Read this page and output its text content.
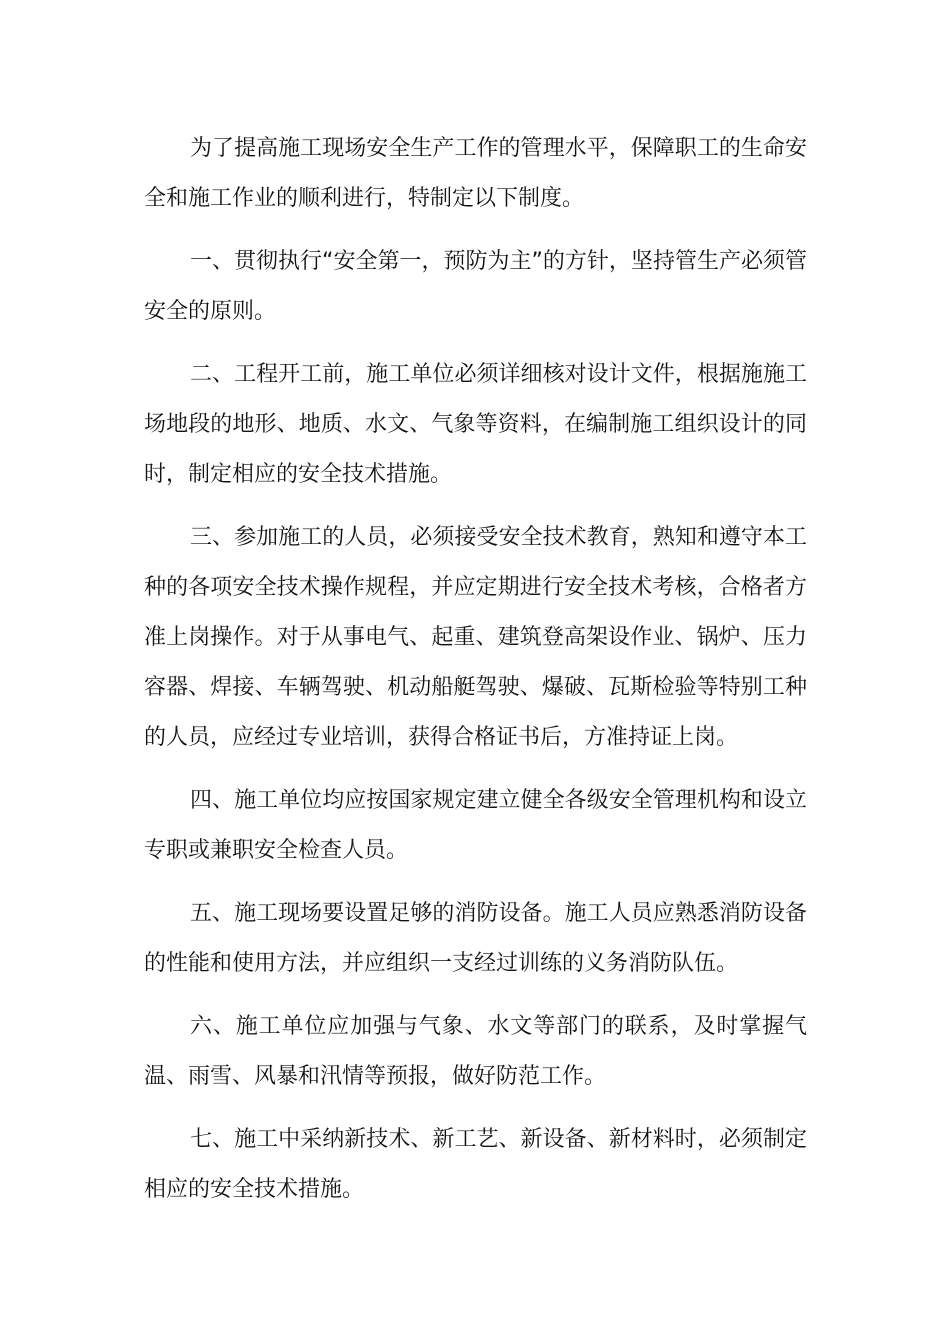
为了提高施工现场安全生产工作的管理水平，保障职工的生命安全和施工作业的顺利进行，特制定以下制度。

一、贯彻执行“安全第一，预防为主”的方针，坚持管生产必须管安全的原则。

二、工程开工前，施工单位必须详细核对设计文件，根据施施工场地段的地形、地质、水文、气象等资料，在编制施工组织设计的同时，制定相应的安全技术措施。

三、参加施工的人员，必须接受安全技术教育，熟知和遵守本工种的各项安全技术操作规程，并应定期进行安全技术考核，合格者方准上岗操作。对于从事电气、起重、建筑登高架设作业、锅炉、压力容器、焊接、车辆驾驶、机动船艇驾驶、爆破、瓦斯检验等特别工种的人员，应经过专业培训，获得合格证书后，方准持证上岗。

四、施工单位均应按国家规定建立健全各级安全管理机构和设立专职或兼职安全检查人员。

五、施工现场要设置足够的消防设备。施工人员应熟悉消防设备的性能和使用方法，并应组织一支经过训练的义务消防队伍。

六、施工单位应加强与气象、水文等部门的联系，及时掌握气温、雨雪、风暴和汛情等预报，做好防范工作。

七、施工中采纳新技术、新工艺、新设备、新材料时，必须制定相应的安全技术措施。
